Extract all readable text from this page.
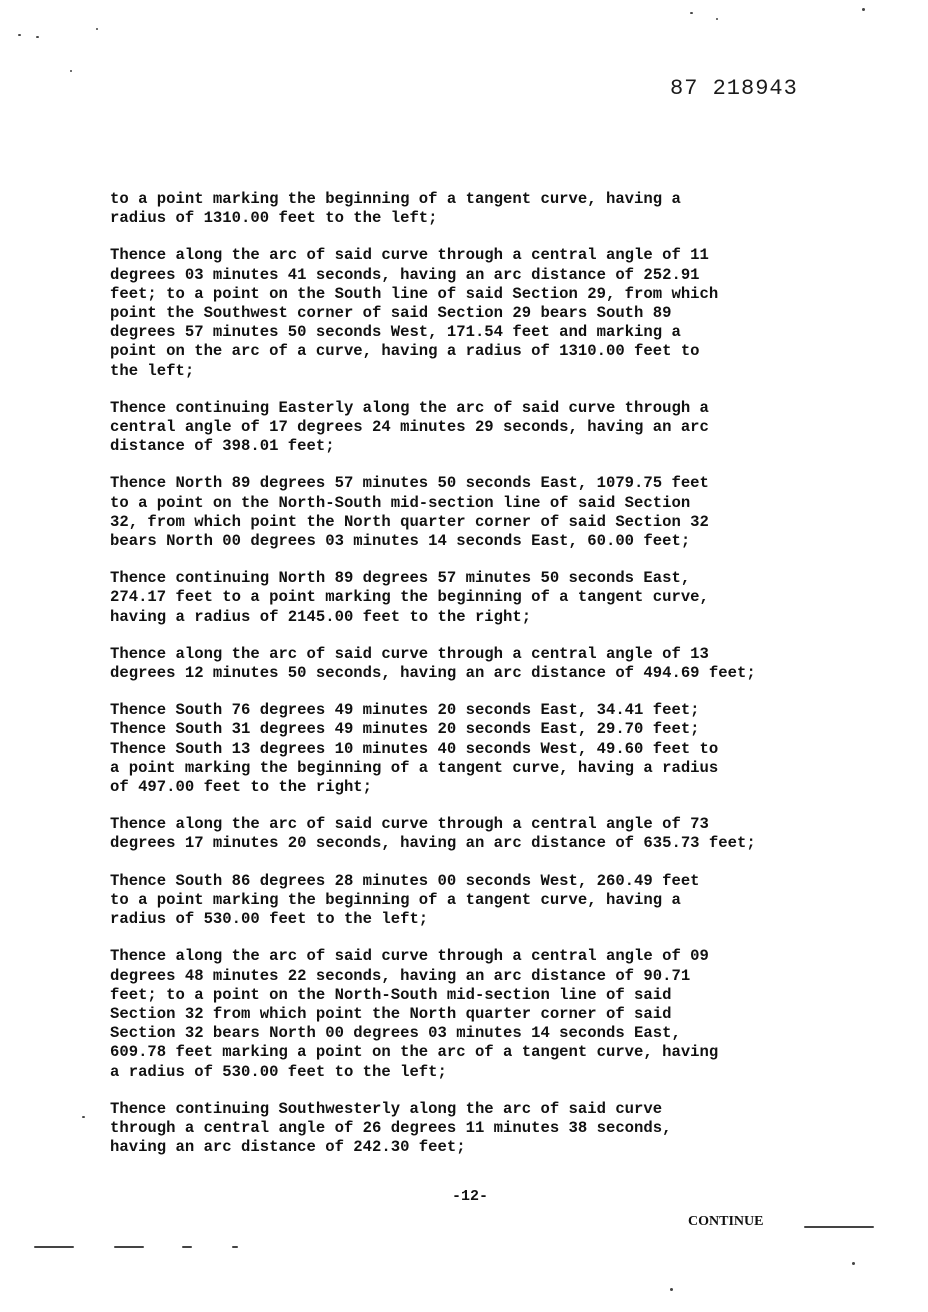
87 218943

to a point marking the beginning of a tangent curve, having a
radius of 1310.00 feet to the left;

Thence along the arc of said curve through a central angle of 11
degrees 03 minutes 41 seconds, having an arc distance of 252.91
feet; to a point on the South line of said Section 29, from which
point the Southwest corner of said Section 29 bears South 89
degrees 57 minutes 50 seconds West, 171.54 feet and marking a
point on the arc of a curve, having a radius of 1310.00 feet to
the left;

Thence continuing Easterly along the arc of said curve through a
central angle of 17 degrees 24 minutes 29 seconds, having an arc
distance of 398.01 feet;

Thence North 89 degrees 57 minutes 50 seconds East, 1079.75 feet
to a point on the North-South mid-section line of said Section
32, from which point the North quarter corner of said Section 32
bears North 00 degrees 03 minutes 14 seconds East, 60.00 feet;

Thence continuing North 89 degrees 57 minutes 50 seconds East,
274.17 feet to a point marking the beginning of a tangent curve,
having a radius of 2145.00 feet to the right;

Thence along the arc of said curve through a central angle of 13
degrees 12 minutes 50 seconds, having an arc distance of 494.69 feet;

Thence South 76 degrees 49 minutes 20 seconds East, 34.41 feet;
Thence South 31 degrees 49 minutes 20 seconds East, 29.70 feet;
Thence South 13 degrees 10 minutes 40 seconds West, 49.60 feet to
a point marking the beginning of a tangent curve, having a radius
of 497.00 feet to the right;

Thence along the arc of said curve through a central angle of 73
degrees 17 minutes 20 seconds, having an arc distance of 635.73 feet;

Thence South 86 degrees 28 minutes 00 seconds West, 260.49 feet
to a point marking the beginning of a tangent curve, having a
radius of 530.00 feet to the left;

Thence along the arc of said curve through a central angle of 09
degrees 48 minutes 22 seconds, having an arc distance of 90.71
feet; to a point on the North-South mid-section line of said
Section 32 from which point the North quarter corner of said
Section 32 bears North 00 degrees 03 minutes 14 seconds East,
609.78 feet marking a point on the arc of a tangent curve, having
a radius of 530.00 feet to the left;

Thence continuing Southwesterly along the arc of said curve
through a central angle of 26 degrees 11 minutes 38 seconds,
having an arc distance of 242.30 feet;

-12-
CONTINUE
